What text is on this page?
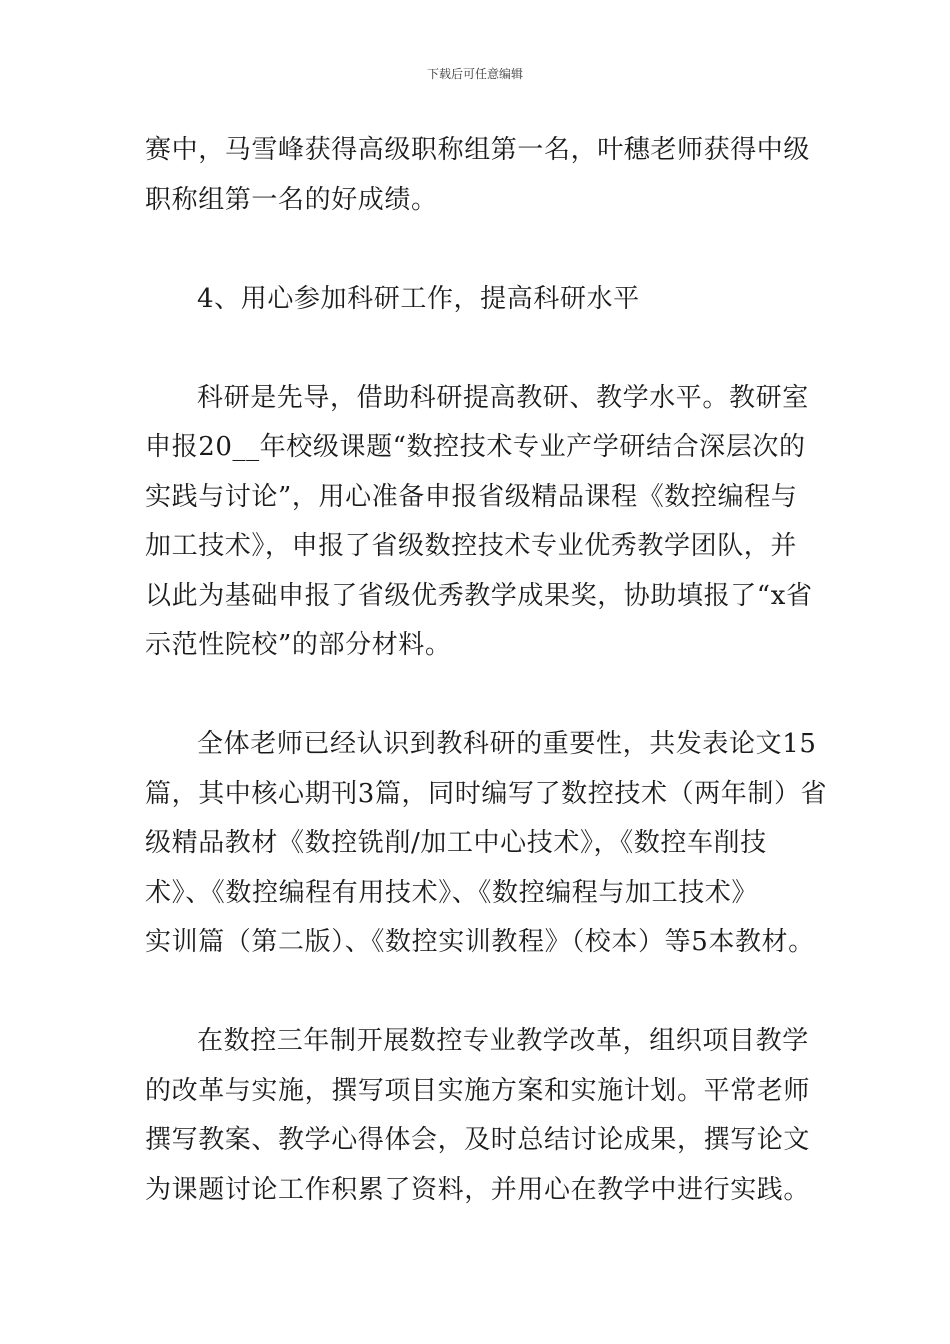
下载后可任意编辑
赛中，马雪峰获得高级职称组第一名，叶穗老师获得中级
职称组第一名的好成绩。
4、用心参加科研工作，提高科研水平
科研是先导，借助科研提高教研、教学水平。教研室
申报20__年校级课题“数控技术专业产学研结合深层次的
实践与讨论”，用心准备申报省级精品课程《数控编程与
加工技术》，申报了省级数控技术专业优秀教学团队，并
以此为基础申报了省级优秀教学成果奖，协助填报了“x省
示范性院校”的部分材料。
全体老师已经认识到教科研的重要性，共发表论文15
篇，其中核心期刊3篇，同时编写了数控技术（两年制）省
级精品教材《数控铣削/加工中心技术》，《数控车削技
术》、《数控编程有用技术》、《数控编程与加工技术》
实训篇（第二版）、《数控实训教程》（校本）等5本教材。
在数控三年制开展数控专业教学改革，组织项目教学
的改革与实施，撰写项目实施方案和实施计划。平常老师
撰写教案、教学心得体会，及时总结讨论成果，撰写论文
为课题讨论工作积累了资料，并用心在教学中进行实践。
